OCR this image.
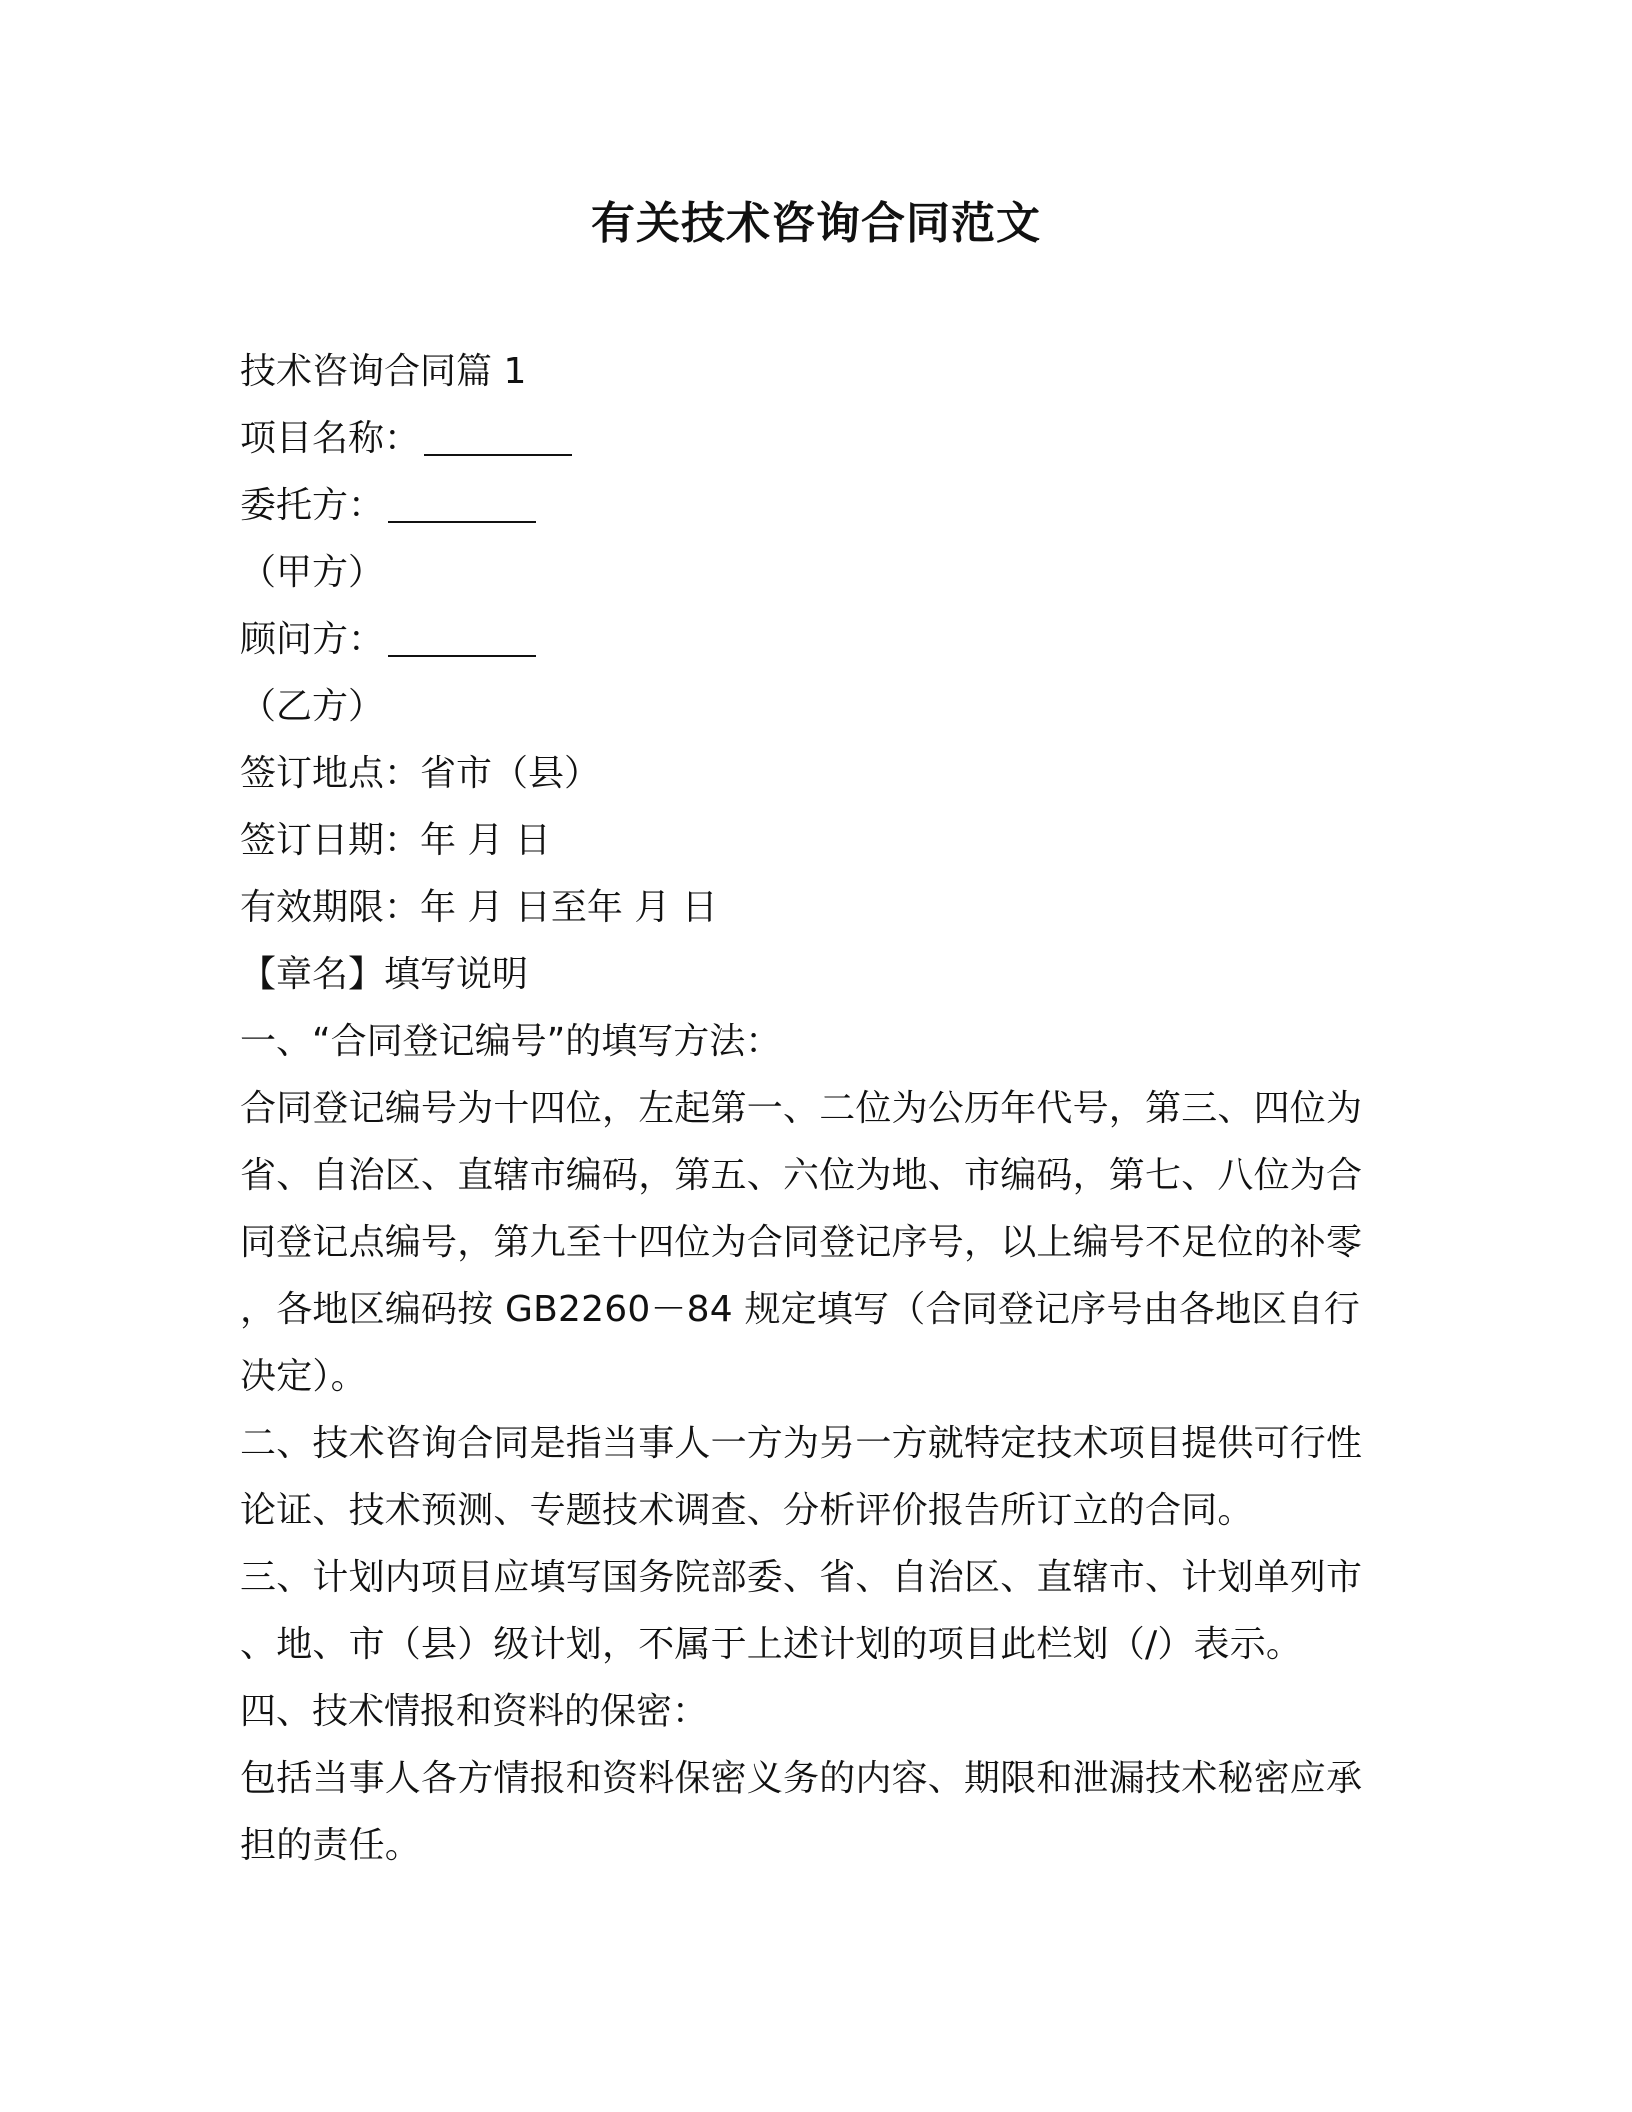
有关技术咨询合同范文
技术咨询合同篇 1
项目名称：
委托方：
（甲方）
顾问方：
（乙方）
签订地点：省市（县）
签订日期：年 月 日
有效期限：年 月 日至年 月 日
【章名】填写说明
一、“合同登记编号”的填写方法：
合同登记编号为十四位，左起第一、二位为公历年代号，第三、四位为省、自治区、直辖市编码，第五、六位为地、市编码，第七、八位为合同登记点编号，第九至十四位为合同登记序号，以上编号不足位的补零，各地区编码按 GB2260－84 规定填写（合同登记序号由各地区自行决定）。
二、技术咨询合同是指当事人一方为另一方就特定技术项目提供可行性论证、技术预测、专题技术调查、分析评价报告所订立的合同。
三、计划内项目应填写国务院部委、省、自治区、直辖市、计划单列市、地、市（县）级计划，不属于上述计划的项目此栏划（/）表示。
四、技术情报和资料的保密：
包括当事人各方情报和资料保密义务的内容、期限和泄漏技术秘密应承担的责任。
